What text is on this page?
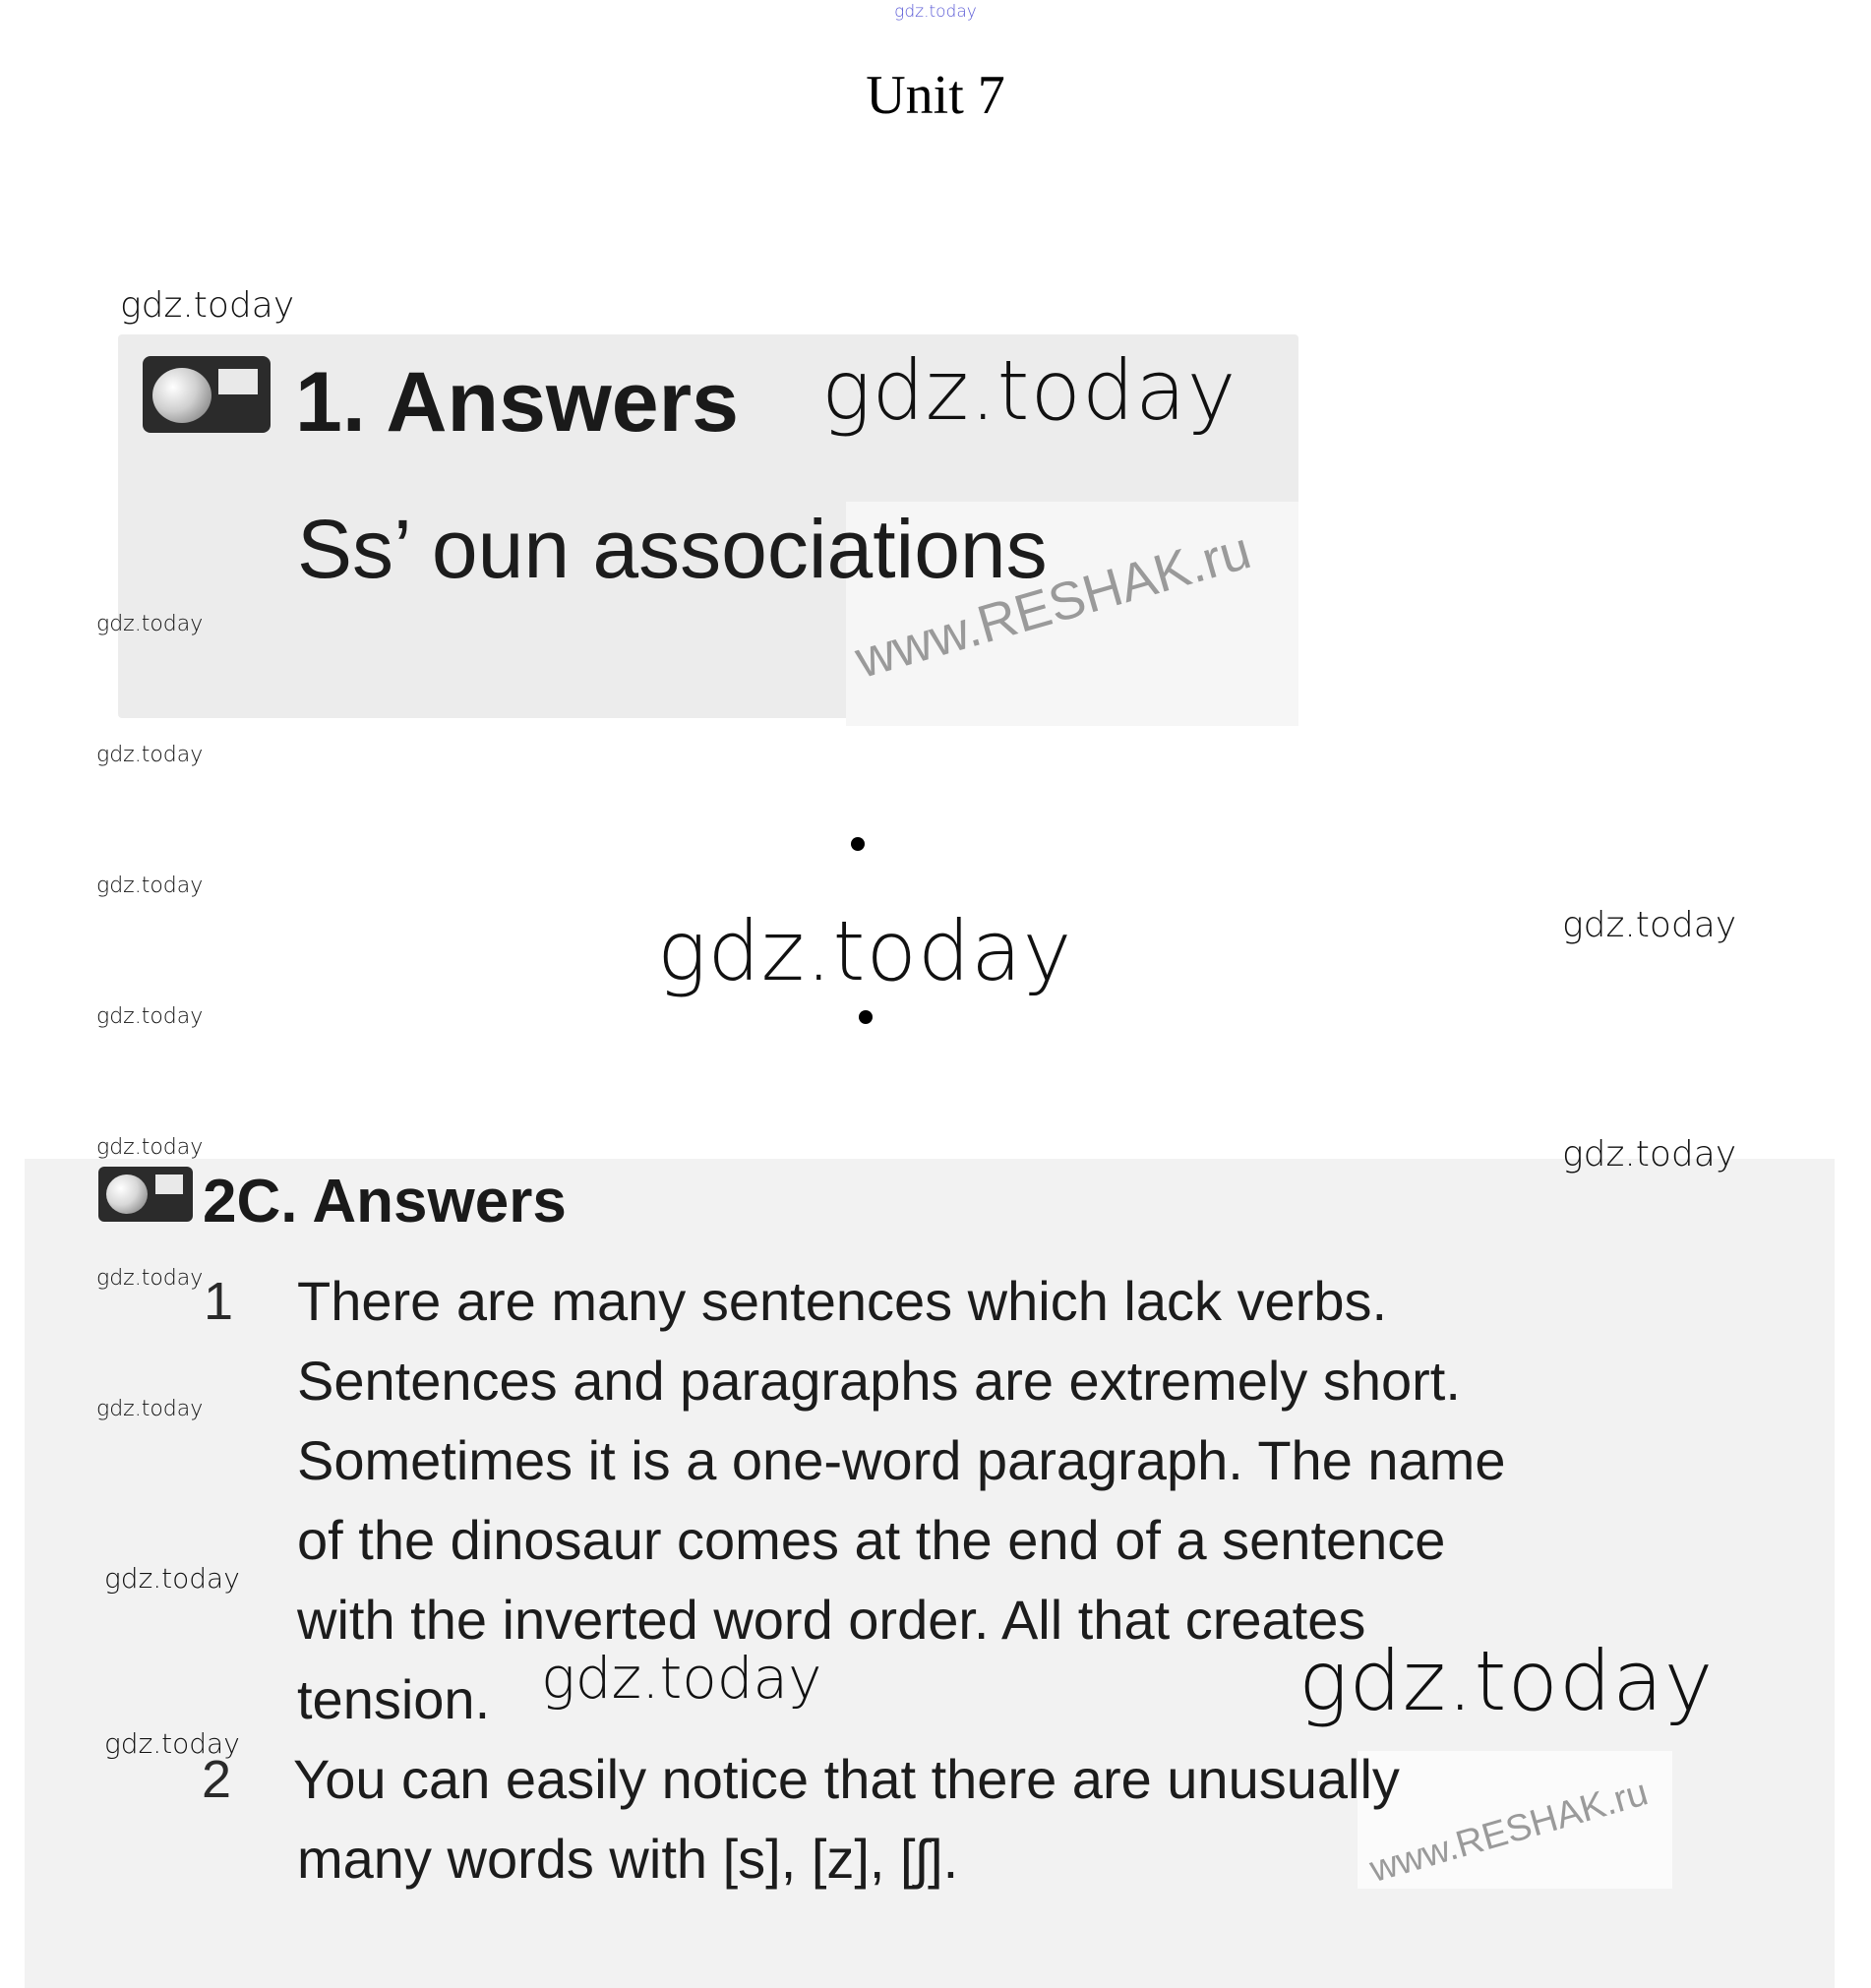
gdz.today
Unit 7
gdz.today
1. Answers gdz.today
Ss’ oun associations
www.RESHAK.ru
gdz.today
gdz.today
gdz.today
gdz.today
gdz.today	gdz.today
gdz.today	gdz.today
2C. Answers
gdz.today
gdz.today
gdz.today
gdz.today
1 There are many sentences which lack verbs.
Sentences and paragraphs are extremely short.
Sometimes it is a one-word paragraph. The name
of the dinosaur comes at the end of a sentence
with the inverted word order. All that creates
tension. gdz.today	gdz.today
2 You can easily notice that there are unusually
many words with [s], [z], [ʃ].	www.RESHAK.ru
